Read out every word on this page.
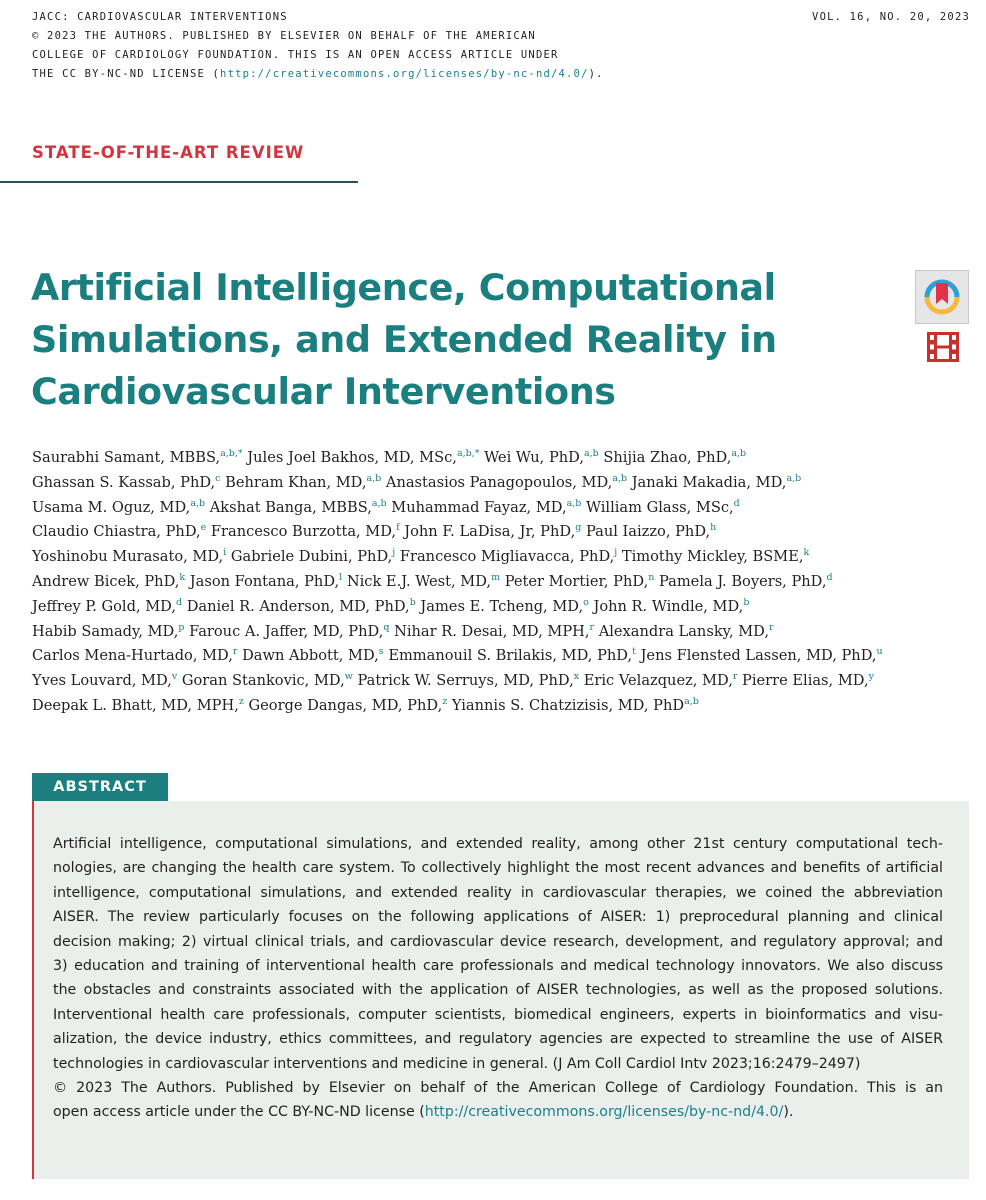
JACC: CARDIOVASCULAR INTERVENTIONS
© 2023 THE AUTHORS. PUBLISHED BY ELSEVIER ON BEHALF OF THE AMERICAN
COLLEGE OF CARDIOLOGY FOUNDATION. THIS IS AN OPEN ACCESS ARTICLE UNDER
THE CC BY-NC-ND LICENSE (http://creativecommons.org/licenses/by-nc-nd/4.0/).
VOL. 16, NO. 20, 2023
STATE-OF-THE-ART REVIEW
Artificial Intelligence, Computational
Simulations, and Extended Reality in
Cardiovascular Interventions
Saurabhi Samant, MBBS,$^{a,b,*}$ Jules Joel Bakhos, MD, MSc,$^{a,b,*}$ Wei Wu, PhD,$^{a,b}$ Shijia Zhao, PhD,$^{a,b}$
Ghassan S. Kassab, PhD,$^c$ Behram Khan, MD,$^{a,b}$ Anastasios Panagopoulos, MD,$^{a,b}$ Janaki Makadia, MD,$^{a,b}$
Usama M. Oguz, MD,$^{a,b}$ Akshat Banga, MBBS,$^{a,b}$ Muhammad Fayaz, MD,$^{a,b}$ William Glass, MSc,$^d$
Claudio Chiastra, PhD,$^e$ Francesco Burzotta, MD,$^f$ John F. LaDisa, Jr, PhD,$^g$ Paul Iaizzo, PhD,$^h$
Yoshinobu Murasato, MD,$^i$ Gabriele Dubini, PhD,$^j$ Francesco Migliavacca, PhD,$^j$ Timothy Mickley, BSME,$^k$
Andrew Bicek, PhD,$^k$ Jason Fontana, PhD,$^l$ Nick E.J. West, MD,$^m$ Peter Mortier, PhD,$^n$ Pamela J. Boyers, PhD,$^d$
Jeffrey P. Gold, MD,$^d$ Daniel R. Anderson, MD, PhD,$^b$ James E. Tcheng, MD,$^o$ John R. Windle, MD,$^b$
Habib Samady, MD,$^p$ Farouc A. Jaffer, MD, PhD,$^q$ Nihar R. Desai, MD, MPH,$^r$ Alexandra Lansky, MD,$^r$
Carlos Mena-Hurtado, MD,$^r$ Dawn Abbott, MD,$^s$ Emmanouil S. Brilakis, MD, PhD,$^t$ Jens Flensted Lassen, MD, PhD,$^u$
Yves Louvard, MD,$^v$ Goran Stankovic, MD,$^w$ Patrick W. Serruys, MD, PhD,$^x$ Eric Velazquez, MD,$^r$ Pierre Elias, MD,$^y$
Deepak L. Bhatt, MD, MPH,$^z$ George Dangas, MD, PhD,$^z$ Yiannis S. Chatzizisis, MD, PhD$^{a,b}$
ABSTRACT
Artificial intelligence, computational simulations, and extended reality, among other 21st century computational tech-
nologies, are changing the health care system. To collectively highlight the most recent advances and benefits of artificial
intelligence, computational simulations, and extended reality in cardiovascular therapies, we coined the abbreviation
AISER. The review particularly focuses on the following applications of AISER: 1) preprocedural planning and clinical
decision making; 2) virtual clinical trials, and cardiovascular device research, development, and regulatory approval; and
3) education and training of interventional health care professionals and medical technology innovators. We also discuss
the obstacles and constraints associated with the application of AISER technologies, as well as the proposed solutions.
Interventional health care professionals, computer scientists, biomedical engineers, experts in bioinformatics and visu-
alization, the device industry, ethics committees, and regulatory agencies are expected to streamline the use of AISER
technologies in cardiovascular interventions and medicine in general. (J Am Coll Cardiol Intv 2023;16:2479–2497)
© 2023 The Authors. Published by Elsevier on behalf of the American College of Cardiology Foundation. This is an
open access article under the CC BY-NC-ND license (http://creativecommons.org/licenses/by-nc-nd/4.0/).
